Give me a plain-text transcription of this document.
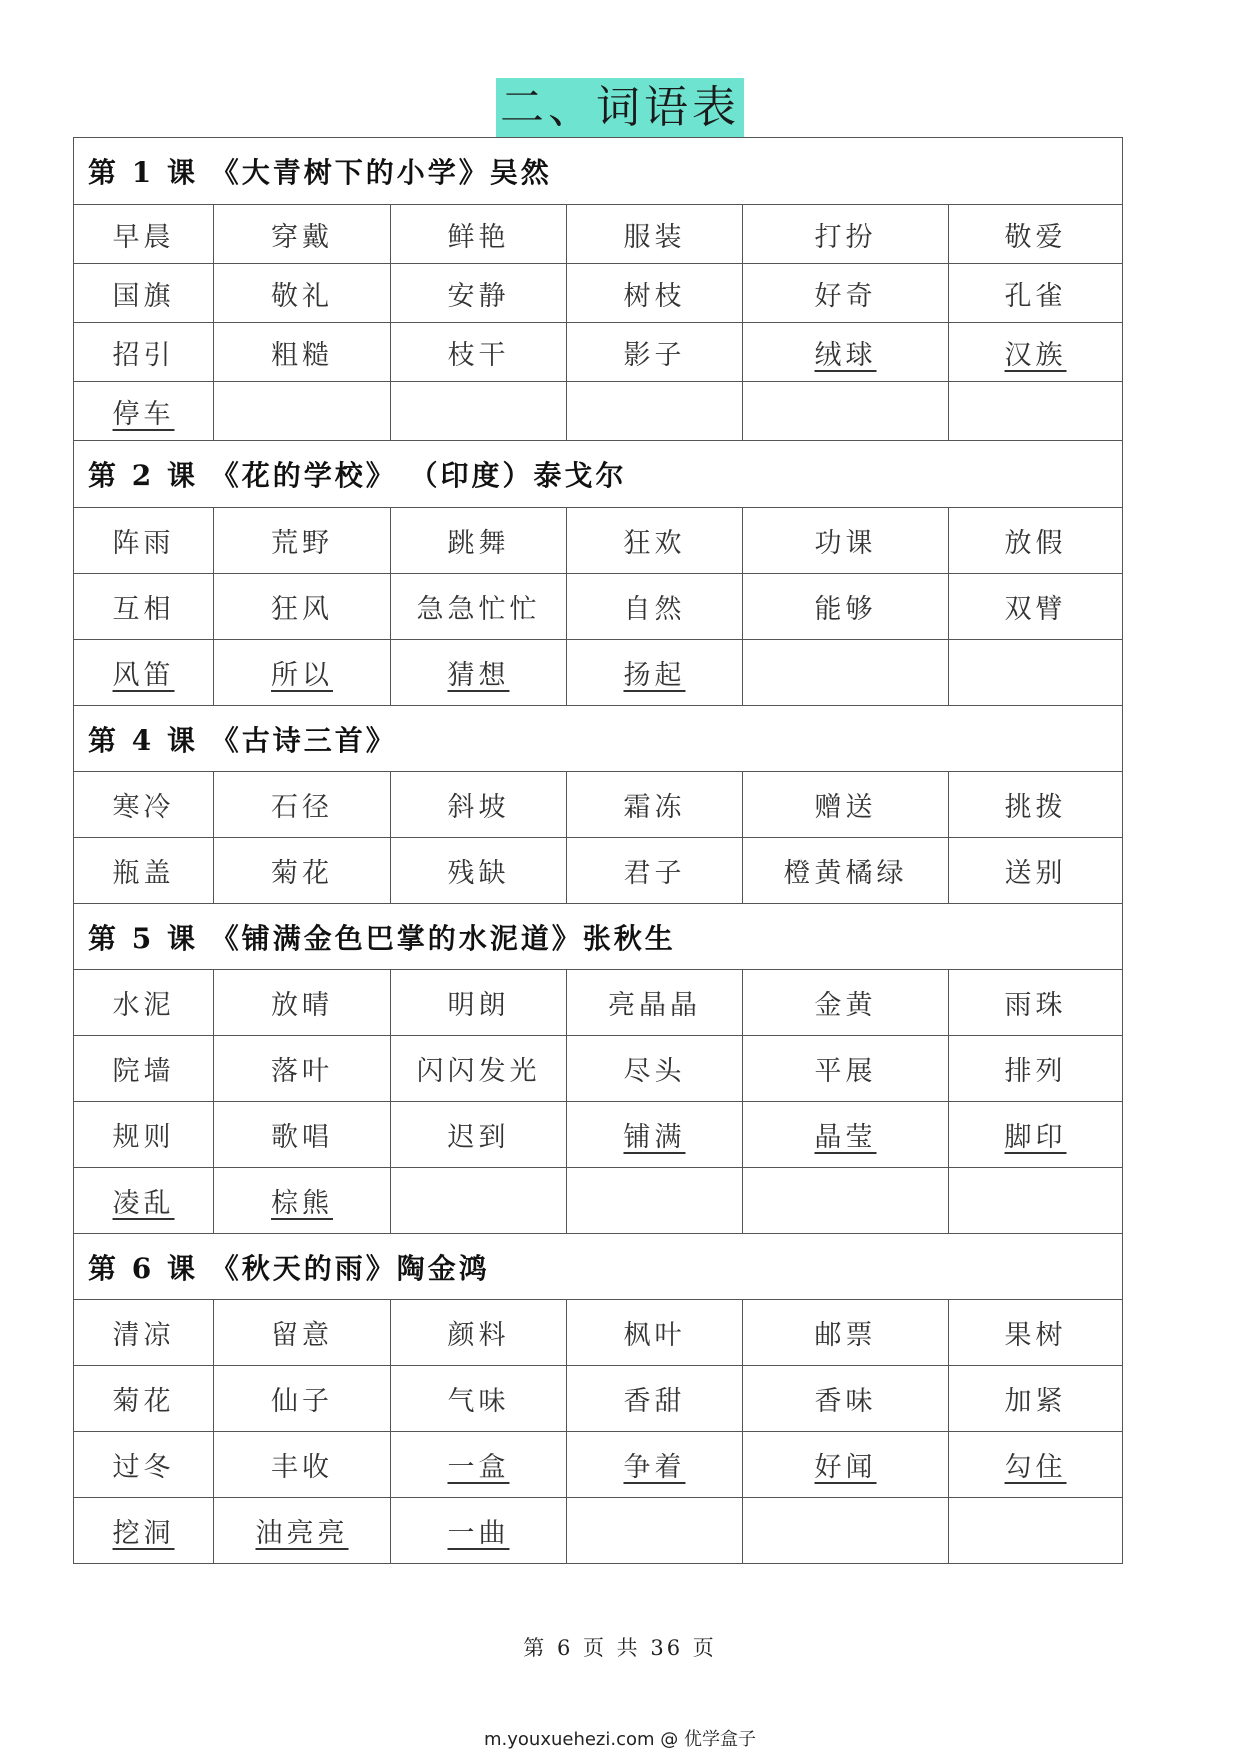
二、词语表
第 1 课 《大青树下的小学》吴然					
早晨	穿戴	鲜艳	服装	打扮	敬爱
国旗	敬礼	安静	树枝	好奇	孔雀
招引	粗糙	枝干	影子	绒球	汉族
停车					
第 2 课 《花的学校》 （印度）泰戈尔					
阵雨	荒野	跳舞	狂欢	功课	放假
互相	狂风	急急忙忙	自然	能够	双臂
风笛	所以	猜想	扬起		
第 4 课 《古诗三首》					
寒冷	石径	斜坡	霜冻	赠送	挑拨
瓶盖	菊花	残缺	君子	橙黄橘绿	送别
第 5 课 《铺满金色巴掌的水泥道》张秋生					
水泥	放晴	明朗	亮晶晶	金黄	雨珠
院墙	落叶	闪闪发光	尽头	平展	排列
规则	歌唱	迟到	铺满	晶莹	脚印
凌乱	棕熊				
第 6 课 《秋天的雨》陶金鸿					
清凉	留意	颜料	枫叶	邮票	果树
菊花	仙子	气味	香甜	香味	加紧
过冬	丰收	一盒	争着	好闻	勾住
挖洞	油亮亮	一曲			
第 6 页 共 36 页
m.youxuehezi.com @ 优学盒子
